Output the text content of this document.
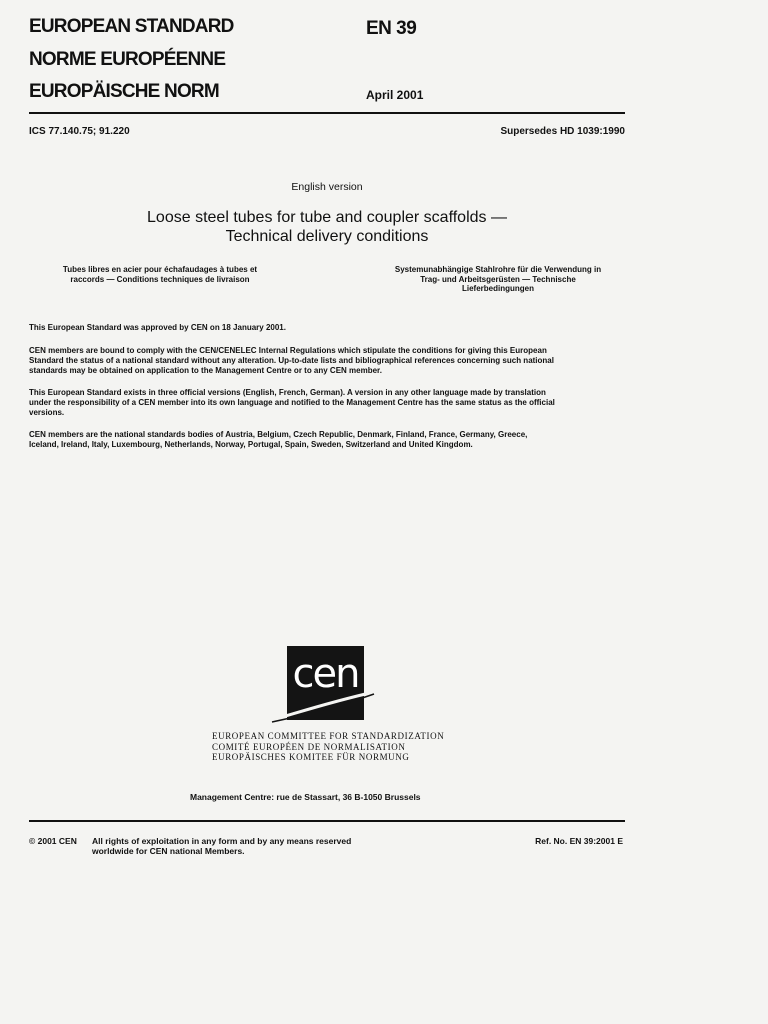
EUROPEAN STANDARD
NORME EUROPÉENNE
EUROPÄISCHE NORM
EN 39
April 2001
ICS 77.140.75; 91.220	Supersedes HD 1039:1990
English version
Loose steel tubes for tube and coupler scaffolds —
Technical delivery conditions
Tubes libres en acier pour échafaudages à tubes et
raccords — Conditions techniques de livraison
Systemunabhängige Stahlrohre für die Verwendung in
Trag- und Arbeitsgerüsten — Technische
Lieferbedingungen
This European Standard was approved by CEN on 18 January 2001.
CEN members are bound to comply with the CEN/CENELEC Internal Regulations which stipulate the conditions for giving this European
Standard the status of a national standard without any alteration. Up-to-date lists and bibliographical references concerning such national
standards may be obtained on application to the Management Centre or to any CEN member.
This European Standard exists in three official versions (English, French, German). A version in any other language made by translation
under the responsibility of a CEN member into its own language and notified to the Management Centre has the same status as the official
versions.
CEN members are the national standards bodies of Austria, Belgium, Czech Republic, Denmark, Finland, France, Germany, Greece,
Iceland, Ireland, Italy, Luxembourg, Netherlands, Norway, Portugal, Spain, Sweden, Switzerland and United Kingdom.
cen
EUROPEAN COMMITTEE FOR STANDARDIZATION
COMITÉ EUROPÉEN DE NORMALISATION
EUROPÄISCHES KOMITEE FÜR NORMUNG
Management Centre: rue de Stassart, 36 B-1050 Brussels
© 2001 CEN All rights of exploitation in any form and by any means reserved
worldwide for CEN national Members.
Ref. No. EN 39:2001 E
